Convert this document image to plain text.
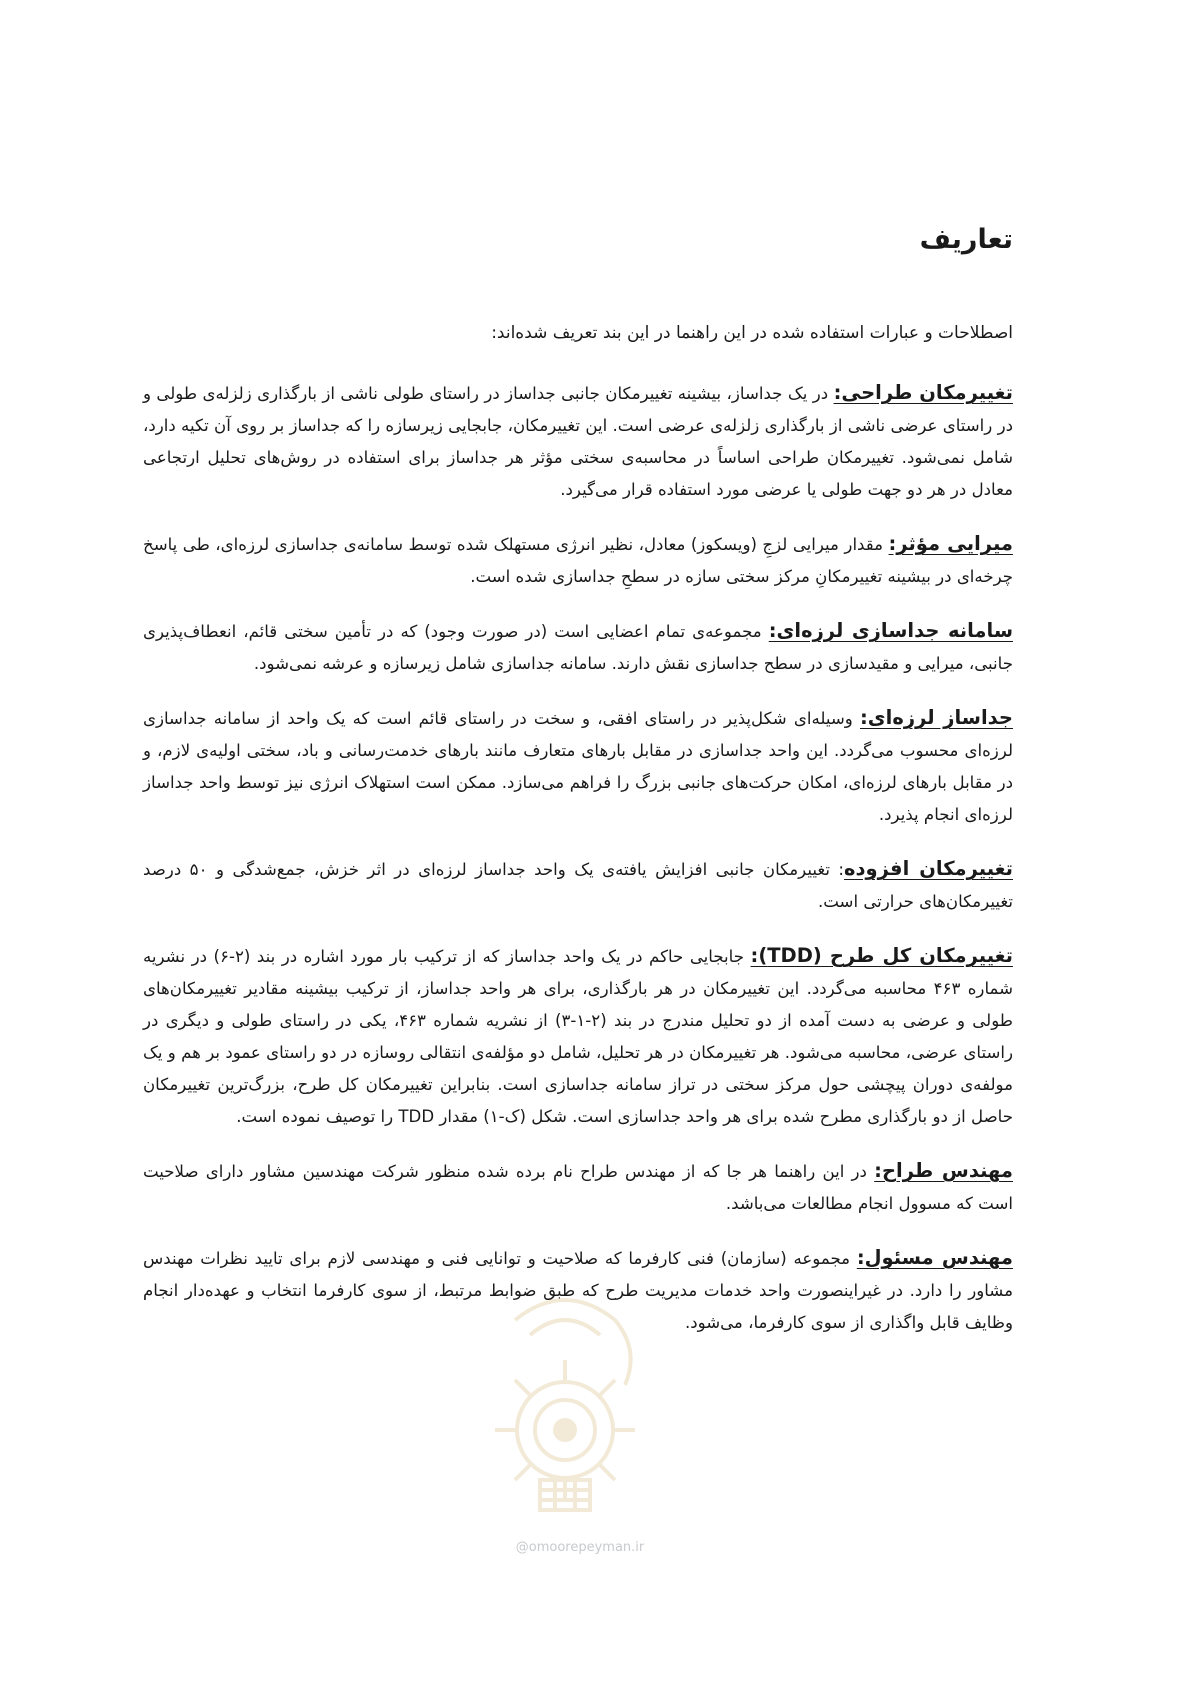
تعاریف

اصطلاحات و عبارات استفاده شده در این راهنما در این بند تعریف شده‌اند:

تغییرمکان طراحی: در یک جداساز، بیشینه تغییرمکان جانبی جداساز در راستای طولی ناشی از بارگذاری زلزله‌ی طولی و در راستای عرضی ناشی از بارگذاری زلزله‌ی عرضی است. این تغییرمکان، جابجایی زیرسازه را که جداساز بر روی آن تکیه دارد، شامل نمی‌شود. تغییرمکان طراحی اساساً در محاسبه‌ی سختی مؤثر هر جداساز برای استفاده در روش‌های تحلیل ارتجاعی معادل در هر دو جهت طولی یا عرضی مورد استفاده قرار می‌گیرد.

میرایی مؤثر: مقدار میرایی لزجِ (ویسکوز) معادل، نظیر انرژی مستهلک شده توسط سامانه‌ی جداسازی لرزه‌ای، طی پاسخ چرخه‌ای در بیشینه تغییرمکانِ مرکز سختی سازه در سطحِ جداسازی شده است.

سامانه جداسازی لرزه‌ای: مجموعه‌ی تمام اعضایی است (در صورت وجود) که در تأمین سختی قائم، انعطاف‌پذیری جانبی، میرایی و مقیدسازی در سطح جداسازی نقش دارند. سامانه جداسازی شامل زیرسازه و عرشه نمی‌شود.

جداساز لرزه‌ای: وسیله‌ای شکل‌پذیر در راستای افقی، و سخت در راستای قائم است که یک واحد از سامانه جداسازی لرزه‌ای محسوب می‌گردد. این واحد جداسازی در مقابل بارهای متعارف مانند بارهای خدمت‌رسانی و باد، سختی اولیه‌ی لازم، و در مقابل بارهای لرزه‌ای، امکان حرکت‌های جانبی بزرگ را فراهم می‌سازد. ممکن است استهلاک انرژی نیز توسط واحد جداساز لرزه‌ای انجام پذیرد.

تغییرمکان افزوده: تغییرمکان جانبی افزایش یافته‌ی یک واحد جداساز لرزه‌ای در اثر خزش، جمع‌شدگی و ۵۰ درصد تغییرمکان‌های حرارتی است.

تغییرمکان کل طرح (TDD): جابجایی حاکم در یک واحد جداساز که از ترکیب بار مورد اشاره در بند (۲-۶) در نشریه شماره ۴۶۳ محاسبه می‌گردد. این تغییرمکان در هر بارگذاری، برای هر واحد جداساز، از ترکیب بیشینه مقادیر تغییرمکان‌های طولی و عرضی به دست آمده از دو تحلیل مندرج در بند (۲-۱-۳) از نشریه شماره ۴۶۳، یکی در راستای طولی و دیگری در راستای عرضی، محاسبه می‌شود. هر تغییرمکان در هر تحلیل، شامل دو مؤلفه‌ی انتقالی روسازه در دو راستای عمود بر هم و یک مولفه‌ی دوران پیچشی حول مرکز سختی در تراز سامانه جداسازی است. بنابراین تغییرمکان کل طرح، بزرگ‌ترین تغییرمکان حاصل از دو بارگذاری مطرح شده برای هر واحد جداسازی است. شکل (ک-۱) مقدار TDD را توصیف نموده است.

مهندس طراح: در این راهنما هر جا که از مهندس طراح نام برده شده منظور شرکت مهندسین مشاور دارای صلاحیت است که مسوول انجام مطالعات می‌باشد.

مهندس مسئول: مجموعه (سازمان) فنی کارفرما که صلاحیت و توانایی فنی و مهندسی لازم برای تایید نظرات مهندس مشاور را دارد. در غیراینصورت واحد خدمات مدیریت طرح که طبق ضوابط مرتبط، از سوی کارفرما انتخاب و عهده‌دار انجام وظایف قابل واگذاری از سوی کارفرما، می‌شود.

@omoorepeyman.ir
